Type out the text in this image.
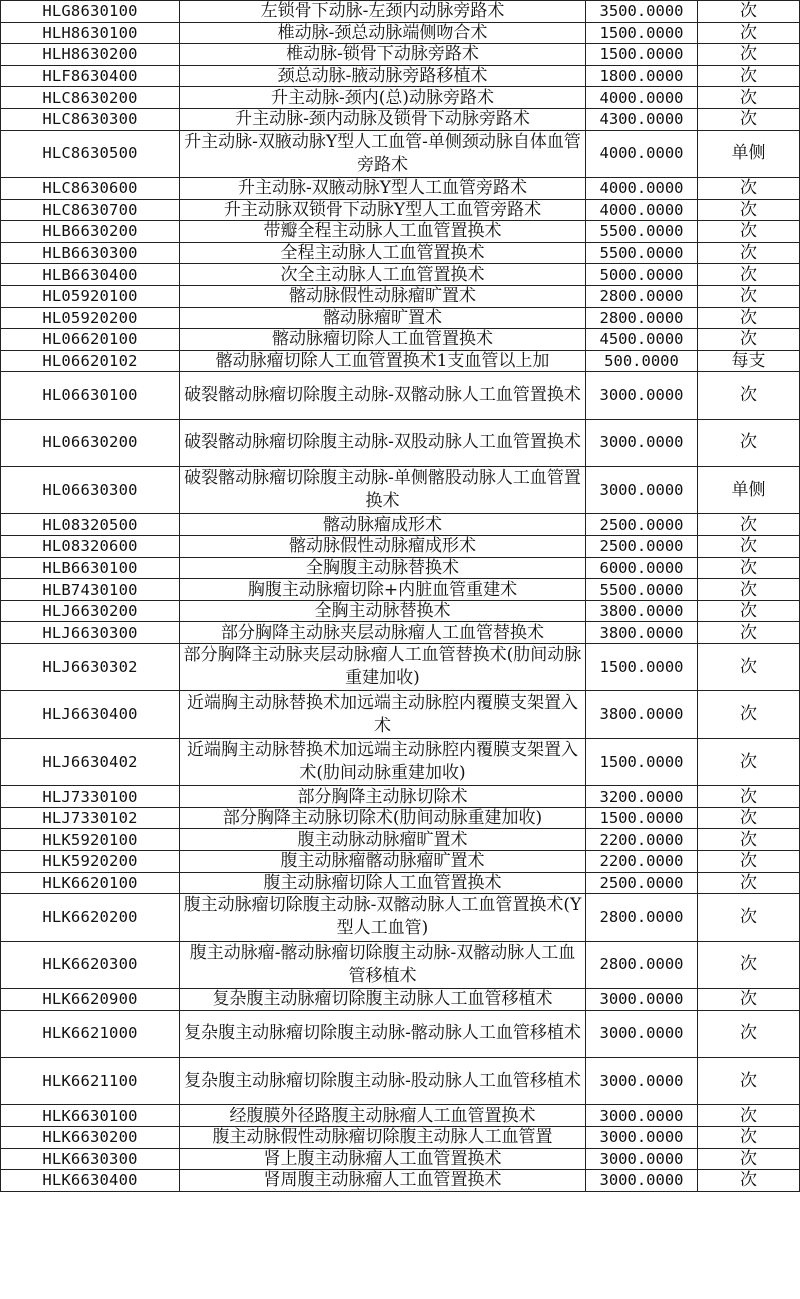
HLG8630100	左锁骨下动脉-左颈内动脉旁路术	3500.0000	次
HLH8630100	椎动脉-颈总动脉端侧吻合术	1500.0000	次
HLH8630200	椎动脉-锁骨下动脉旁路术	1500.0000	次
HLF8630400	颈总动脉-腋动脉旁路移植术	1800.0000	次
HLC8630200	升主动脉-颈内(总)动脉旁路术	4000.0000	次
HLC8630300	升主动脉-颈内动脉及锁骨下动脉旁路术	4300.0000	次
HLC8630500	升主动脉-双腋动脉Y型人工血管-单侧颈动脉自体血管旁路术	4000.0000	单侧
HLC8630600	升主动脉-双腋动脉Y型人工血管旁路术	4000.0000	次
HLC8630700	升主动脉双锁骨下动脉Y型人工血管旁路术	4000.0000	次
HLB6630200	带瓣全程主动脉人工血管置换术	5500.0000	次
HLB6630300	全程主动脉人工血管置换术	5500.0000	次
HLB6630400	次全主动脉人工血管置换术	5000.0000	次
HL05920100	髂动脉假性动脉瘤旷置术	2800.0000	次
HL05920200	髂动脉瘤旷置术	2800.0000	次
HL06620100	髂动脉瘤切除人工血管置换术	4500.0000	次
HL06620102	髂动脉瘤切除人工血管置换术1支血管以上加	500.0000	每支
HL06630100	破裂髂动脉瘤切除腹主动脉-双髂动脉人工血管置换术	3000.0000	次
HL06630200	破裂髂动脉瘤切除腹主动脉-双股动脉人工血管置换术	3000.0000	次
HL06630300	破裂髂动脉瘤切除腹主动脉-单侧髂股动脉人工血管置换术	3000.0000	单侧
HL08320500	髂动脉瘤成形术	2500.0000	次
HL08320600	髂动脉假性动脉瘤成形术	2500.0000	次
HLB6630100	全胸腹主动脉替换术	6000.0000	次
HLB7430100	胸腹主动脉瘤切除+内脏血管重建术	5500.0000	次
HLJ6630200	全胸主动脉替换术	3800.0000	次
HLJ6630300	部分胸降主动脉夹层动脉瘤人工血管替换术	3800.0000	次
HLJ6630302	部分胸降主动脉夹层动脉瘤人工血管替换术(肋间动脉重建加收)	1500.0000	次
HLJ6630400	近端胸主动脉替换术加远端主动脉腔内覆膜支架置入术	3800.0000	次
HLJ6630402	近端胸主动脉替换术加远端主动脉腔内覆膜支架置入术(肋间动脉重建加收)	1500.0000	次
HLJ7330100	部分胸降主动脉切除术	3200.0000	次
HLJ7330102	部分胸降主动脉切除术(肋间动脉重建加收)	1500.0000	次
HLK5920100	腹主动脉动脉瘤旷置术	2200.0000	次
HLK5920200	腹主动脉瘤髂动脉瘤旷置术	2200.0000	次
HLK6620100	腹主动脉瘤切除人工血管置换术	2500.0000	次
HLK6620200	腹主动脉瘤切除腹主动脉-双髂动脉人工血管置换术(Y型人工血管)	2800.0000	次
HLK6620300	腹主动脉瘤-髂动脉瘤切除腹主动脉-双髂动脉人工血管移植术	2800.0000	次
HLK6620900	复杂腹主动脉瘤切除腹主动脉人工血管移植术	3000.0000	次
HLK6621000	复杂腹主动脉瘤切除腹主动脉-髂动脉人工血管移植术	3000.0000	次
HLK6621100	复杂腹主动脉瘤切除腹主动脉-股动脉人工血管移植术	3000.0000	次
HLK6630100	经腹膜外径路腹主动脉瘤人工血管置换术	3000.0000	次
HLK6630200	腹主动脉假性动脉瘤切除腹主动脉人工血管置	3000.0000	次
HLK6630300	肾上腹主动脉瘤人工血管置换术	3000.0000	次
HLK6630400	肾周腹主动脉瘤人工血管置换术	3000.0000	次
